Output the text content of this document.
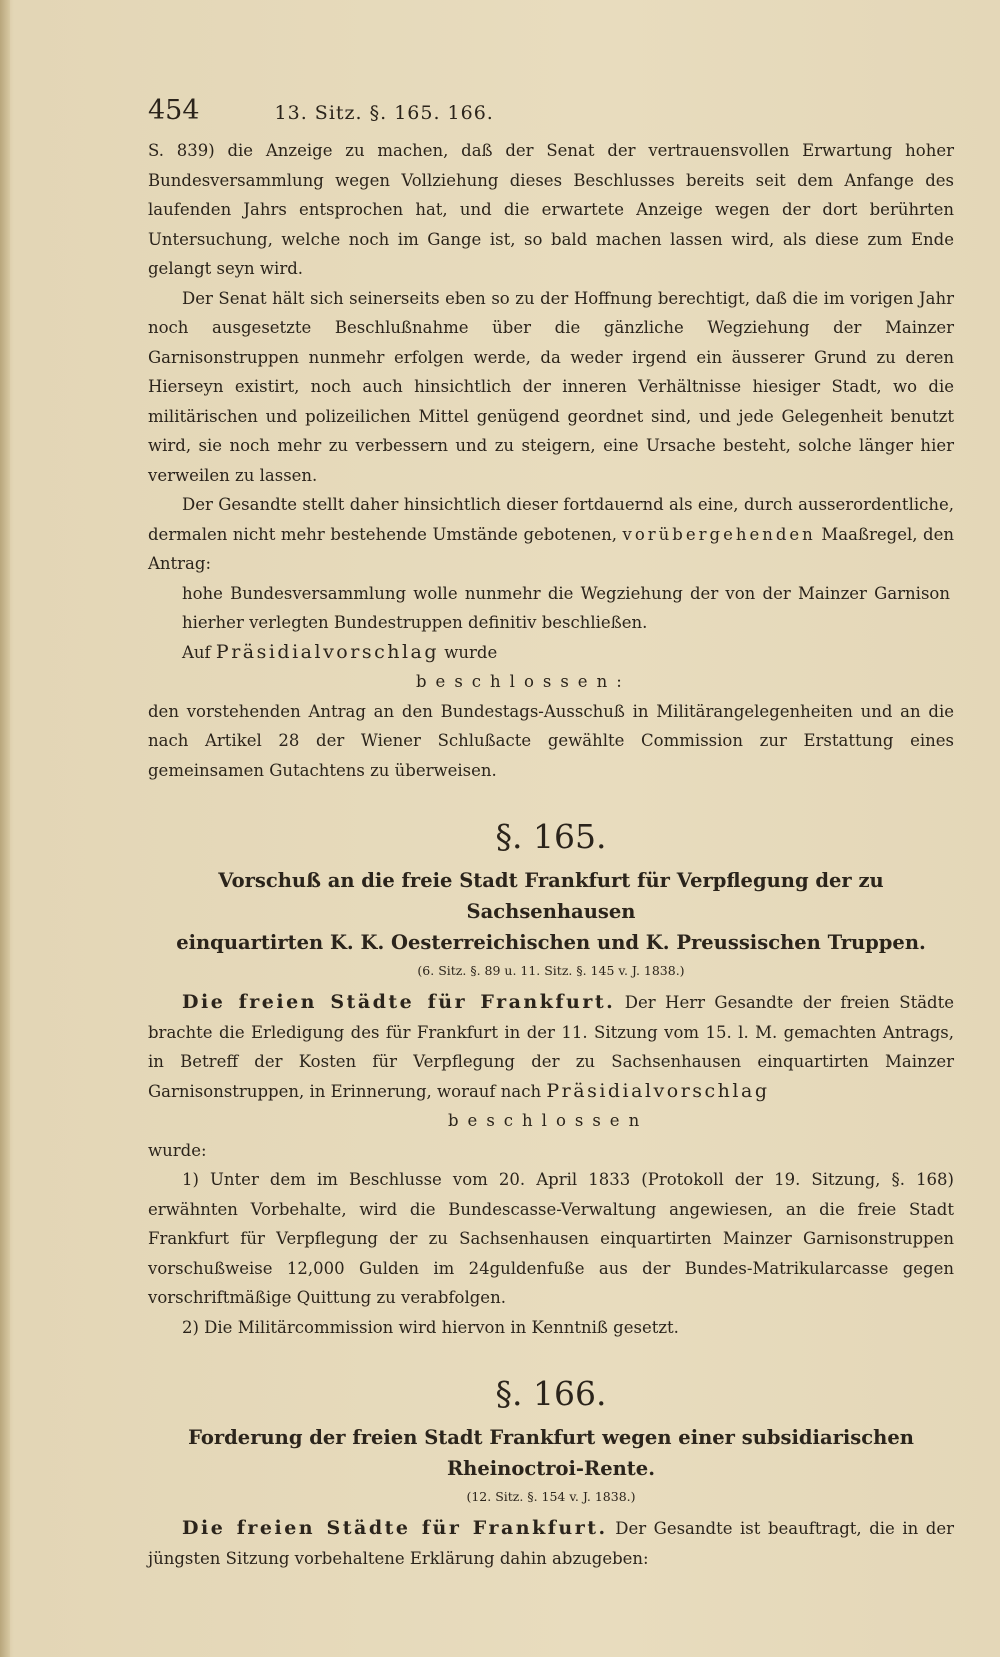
454	13. Sitz. §. 165. 166.

S. 839) die Anzeige zu machen, daß der Senat der vertrauensvollen Erwartung hoher Bundesversammlung wegen Vollziehung dieses Beschlusses bereits seit dem Anfange des laufenden Jahrs entsprochen hat, und die erwartete Anzeige wegen der dort berührten Untersuchung, welche noch im Gange ist, so bald machen lassen wird, als diese zum Ende gelangt seyn wird.

Der Senat hält sich seinerseits eben so zu der Hoffnung berechtigt, daß die im vorigen Jahr noch ausgesetzte Beschlußnahme über die gänzliche Wegziehung der Mainzer Garnisonstruppen nunmehr erfolgen werde, da weder irgend ein äusserer Grund zu deren Hierseyn existirt, noch auch hinsichtlich der inneren Verhältnisse hiesiger Stadt, wo die militärischen und polizeilichen Mittel genügend geordnet sind, und jede Gelegenheit benutzt wird, sie noch mehr zu verbessern und zu steigern, eine Ursache besteht, solche länger hier verweilen zu lassen.

Der Gesandte stellt daher hinsichtlich dieser fortdauernd als eine, durch ausserordentliche, dermalen nicht mehr bestehende Umstände gebotenen, vorübergehenden Maaßregel, den Antrag:

hohe Bundesversammlung wolle nunmehr die Wegziehung der von der Mainzer Garnison hierher verlegten Bundestruppen definitiv beschließen.

Auf Präsidialvorschlag wurde

beschlossen:

den vorstehenden Antrag an den Bundestags-Ausschuß in Militärangelegenheiten und an die nach Artikel 28 der Wiener Schlußacte gewählte Commission zur Erstattung eines gemeinsamen Gutachtens zu überweisen.

§. 165.
Vorschuß an die freie Stadt Frankfurt für Verpflegung der zu Sachsenhausen
einquartirten K. K. Oesterreichischen und K. Preussischen Truppen.
(6. Sitz. §. 89 u. 11. Sitz. §. 145 v. J. 1838.)

Die freien Städte für Frankfurt. Der Herr Gesandte der freien Städte brachte die Erledigung des für Frankfurt in der 11. Sitzung vom 15. l. M. gemachten Antrags, in Betreff der Kosten für Verpflegung der zu Sachsenhausen einquartirten Mainzer Garnisonstruppen, in Erinnerung, worauf nach Präsidialvorschlag

beschlossen

wurde:

1) Unter dem im Beschlusse vom 20. April 1833 (Protokoll der 19. Sitzung, §. 168) erwähnten Vorbehalte, wird die Bundescasse-Verwaltung angewiesen, an die freie Stadt Frankfurt für Verpflegung der zu Sachsenhausen einquartirten Mainzer Garnisonstruppen vorschußweise 12,000 Gulden im 24guldenfuße aus der Bundes-Matrikularcasse gegen vorschriftmäßige Quittung zu verabfolgen.

2) Die Militärcommission wird hiervon in Kenntniß gesetzt.

§. 166.
Forderung der freien Stadt Frankfurt wegen einer subsidiarischen Rheinoctroi-Rente.
(12. Sitz. §. 154 v. J. 1838.)

Die freien Städte für Frankfurt. Der Gesandte ist beauftragt, die in der jüngsten Sitzung vorbehaltene Erklärung dahin abzugeben:
